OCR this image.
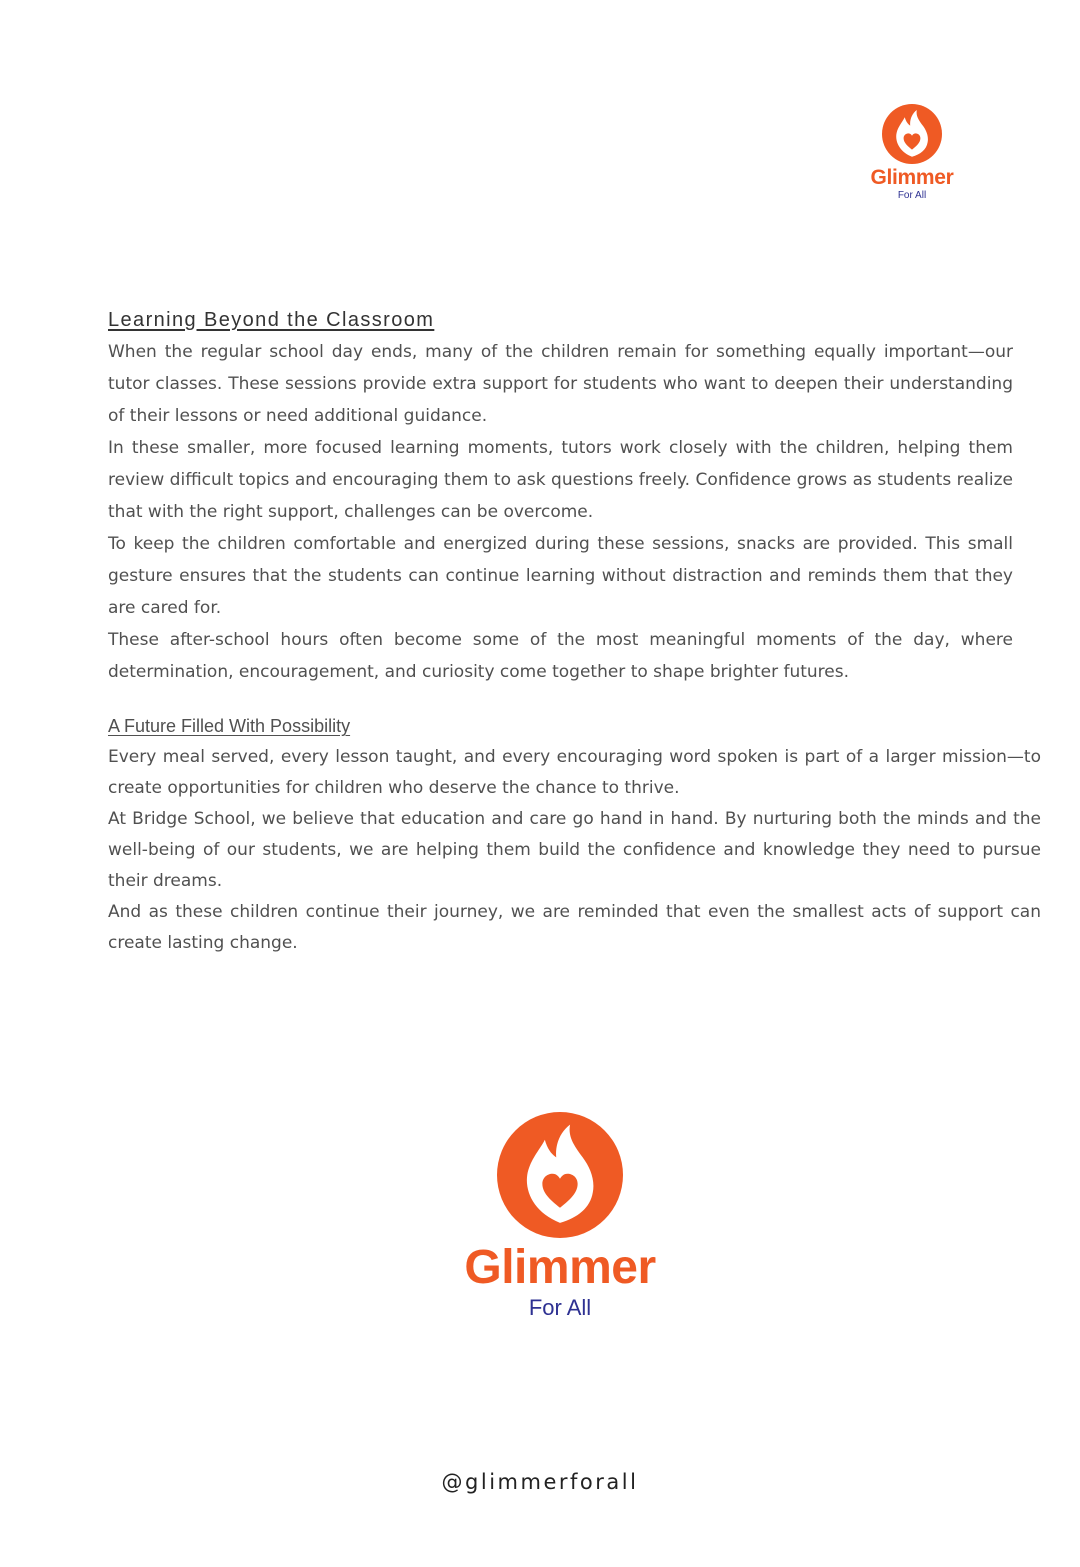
Glimmer
For All
Learning Beyond the Classroom

When the regular school day ends, many of the children remain for something equally important—our tutor classes. These sessions provide extra support for students who want to deepen their understanding of their lessons or need additional guidance.

In these smaller, more focused learning moments, tutors work closely with the children, helping them review difficult topics and encouraging them to ask questions freely. Confidence grows as students realize that with the right support, challenges can be overcome.

To keep the children comfortable and energized during these sessions, snacks are provided. This small gesture ensures that the students can continue learning without distraction and reminds them that they are cared for.

These after-school hours often become some of the most meaningful moments of the day, where determination, encouragement, and curiosity come together to shape brighter futures.

A Future Filled With Possibility

Every meal served, every lesson taught, and every encouraging word spoken is part of a larger mission—to create opportunities for children who deserve the chance to thrive.

At Bridge School, we believe that education and care go hand in hand. By nurturing both the minds and the well-being of our students, we are helping them build the confidence and knowledge they need to pursue their dreams.

And as these children continue their journey, we are reminded that even the smallest acts of support can create lasting change.

Glimmer
For All
@glimmerforall
